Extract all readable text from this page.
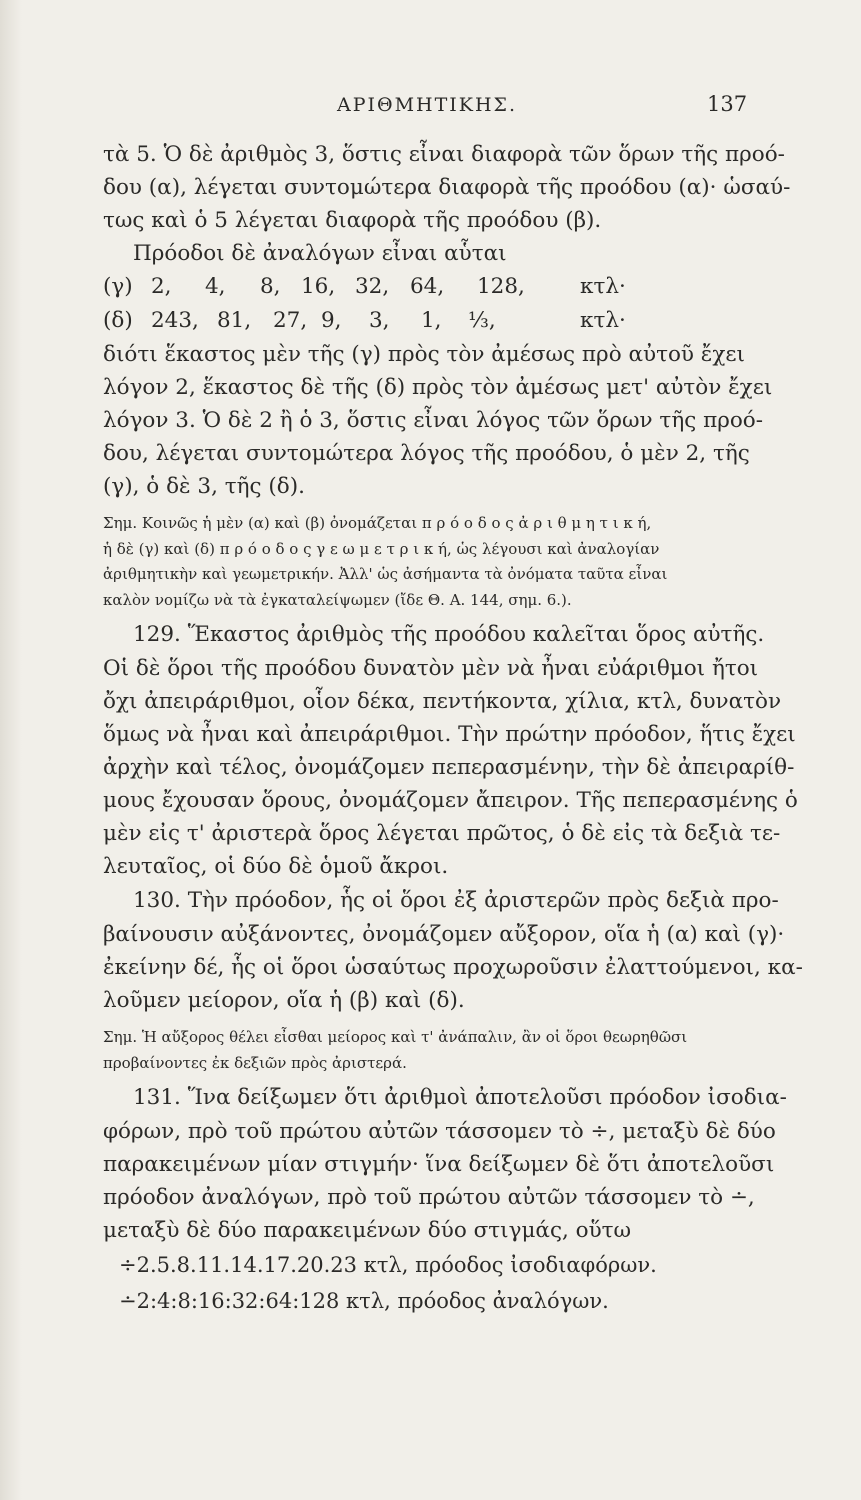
ΑΡΙΘΜΗΤΙΚΗΣ.	137
τὰ 5. Ὁ δὲ ἀριθμὸς 3, ὅστις εἶναι διαφορὰ τῶν ὅρων τῆς προό-
δου (α), λέγεται συντομώτερα διαφορὰ τῆς προόδου (α)· ὡσαύ-
τως καὶ ὁ 5 λέγεται διαφορὰ τῆς προόδου (β).
Πρόοδοι δὲ ἀναλόγων εἶναι αὗται
(γ) 2, 4, 8, 16, 32, 64, 128,	κτλ·
(δ) 243, 81, 27, 9, 3, 1, ⅓,	κτλ·
διότι ἕκαστος μὲν τῆς (γ) πρὸς τὸν ἀμέσως πρὸ αὐτοῦ ἔχει
λόγον 2, ἕκαστος δὲ τῆς (δ) πρὸς τὸν ἀμέσως μετ' αὐτὸν ἔχει
λόγον 3. Ὁ δὲ 2 ἢ ὁ 3, ὅστις εἶναι λόγος τῶν ὅρων τῆς προό-
δου, λέγεται συντομώτερα λόγος τῆς προόδου, ὁ μὲν 2, τῆς
(γ), ὁ δὲ 3, τῆς (δ).
Σημ. Κοινῶς ἡ μὲν (α) καὶ (β) ὀνομάζεται π ρ ό ο δ ο ς ἀ ρ ι θ μ η τ ι κ ή,
ἡ δὲ (γ) καὶ (δ) π ρ ό ο δ ο ς γ ε ω μ ε τ ρ ι κ ή, ὡς λέγουσι καὶ ἀναλογίαν
ἀριθμητικὴν καὶ γεωμετρικήν. Ἀλλ' ὡς ἀσήμαντα τὰ ὀνόματα ταῦτα εἶναι
καλὸν νομίζω νὰ τὰ ἐγκαταλείψωμεν (ἴδε Θ. Α. 144, σημ. 6.).
129. Ἕκαστος ἀριθμὸς τῆς προόδου καλεῖται ὅρος αὐτῆς.
Οἱ δὲ ὅροι τῆς προόδου δυνατὸν μὲν νὰ ἦναι εὐάριθμοι ἤτοι
ὄχι ἀπειράριθμοι, οἷον δέκα, πεντήκοντα, χίλια, κτλ, δυνατὸν
ὅμως νὰ ἦναι καὶ ἀπειράριθμοι. Τὴν πρώτην πρόοδον, ἥτις ἔχει
ἀρχὴν καὶ τέλος, ὀνομάζομεν πεπερασμένην, τὴν δὲ ἀπειραρίθ-
μους ἔχουσαν ὅρους, ὀνομάζομεν ἄπειρον. Τῆς πεπερασμένης ὁ
μὲν εἰς τ' ἀριστερὰ ὅρος λέγεται πρῶτος, ὁ δὲ εἰς τὰ δεξιὰ τε-
λευταῖος, οἱ δύο δὲ ὁμοῦ ἄκροι.
130. Τὴν πρόοδον, ἧς οἱ ὅροι ἐξ ἀριστερῶν πρὸς δεξιὰ προ-
βαίνουσιν αὐξάνοντες, ὀνομάζομεν αὔξορον, οἵα ἡ (α) καὶ (γ)·
ἐκείνην δέ, ἧς οἱ ὅροι ὡσαύτως προχωροῦσιν ἐλαττούμενοι, κα-
λοῦμεν μείορον, οἵα ἡ (β) καὶ (δ).
Σημ. Ἡ αὔξορος θέλει εἶσθαι μείορος καὶ τ' ἀνάπαλιν, ἂν οἱ ὅροι θεωρηθῶσι
προβαίνοντες ἐκ δεξιῶν πρὸς ἀριστερά.
131. Ἵνα δείξωμεν ὅτι ἀριθμοὶ ἀποτελοῦσι πρόοδον ἰσοδια-
φόρων, πρὸ τοῦ πρώτου αὐτῶν τάσσομεν τὸ ÷, μεταξὺ δὲ δύο
παρακειμένων μίαν στιγμήν· ἵνα δείξωμεν δὲ ὅτι ἀποτελοῦσι
πρόοδον ἀναλόγων, πρὸ τοῦ πρώτου αὐτῶν τάσσομεν τὸ ∸,
μεταξὺ δὲ δύο παρακειμένων δύο στιγμάς, οὕτω
÷2.5.8.11.14.17.20.23 κτλ, πρόοδος ἰσοδιαφόρων.
∸2:4:8:16:32:64:128 κτλ, πρόοδος ἀναλόγων.
